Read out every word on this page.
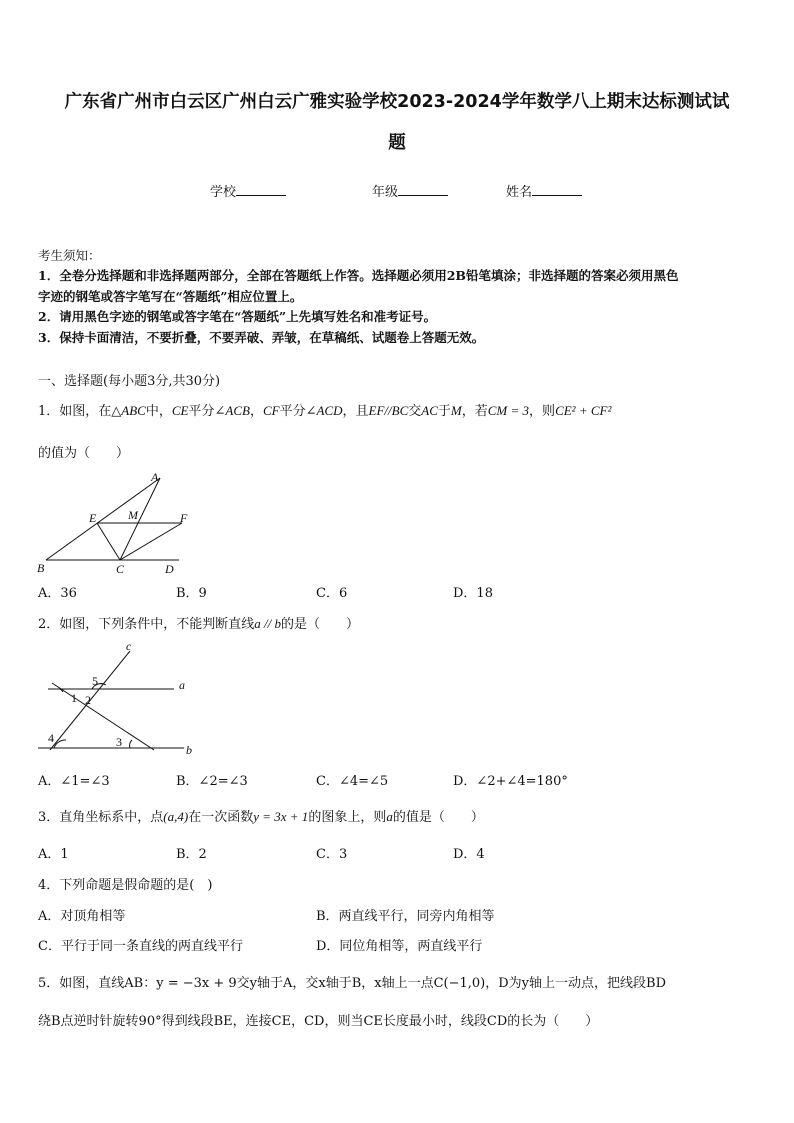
广东省广州市白云区广州白云广雅实验学校2023-2024学年数学八上期末达标测试试
题
学校	年级	姓名
考生须知：
1．全卷分选择题和非选择题两部分，全部在答题纸上作答。选择题必须用2B铅笔填涂；非选择题的答案必须用黑色
字迹的钢笔或答字笔写在“答题纸”相应位置上。
2．请用黑色字迹的钢笔或答字笔在“答题纸”上先填写姓名和准考证号。
3．保持卡面清洁，不要折叠，不要弄破、弄皱，在草稿纸、试题卷上答题无效。
一、选择题(每小题3分,共30分)
1．如图，在△ABC中，CE平分∠ACB，CF平分∠ACD，且EF//BC交AC于M，若CM = 3，则CE² + CF²
的值为（　　）
A
E	M	F
B	C	D
A．36	B．9	C．6	D．18
2．如图，下列条件中，不能判断直线a // b的是（　　）
c
a
b
5
1 2
4	3
A．∠1=∠3	B．∠2=∠3	C．∠4=∠5	D．∠2+∠4=180°
3．直角坐标系中，点(a,4)在一次函数y = 3x + 1的图象上，则a的值是（　　）
A．1	B．2	C．3	D．4
4．下列命题是假命题的是(　)
A．对顶角相等	B．两直线平行，同旁内角相等
C．平行于同一条直线的两直线平行	D．同位角相等，两直线平行
5．如图，直线AB：y = −3x + 9交y轴于A，交x轴于B，x轴上一点C(−1,0)，D为y轴上一动点，把线段BD
绕B点逆时针旋转90°得到线段BE，连接CE，CD，则当CE长度最小时，线段CD的长为（　　）
